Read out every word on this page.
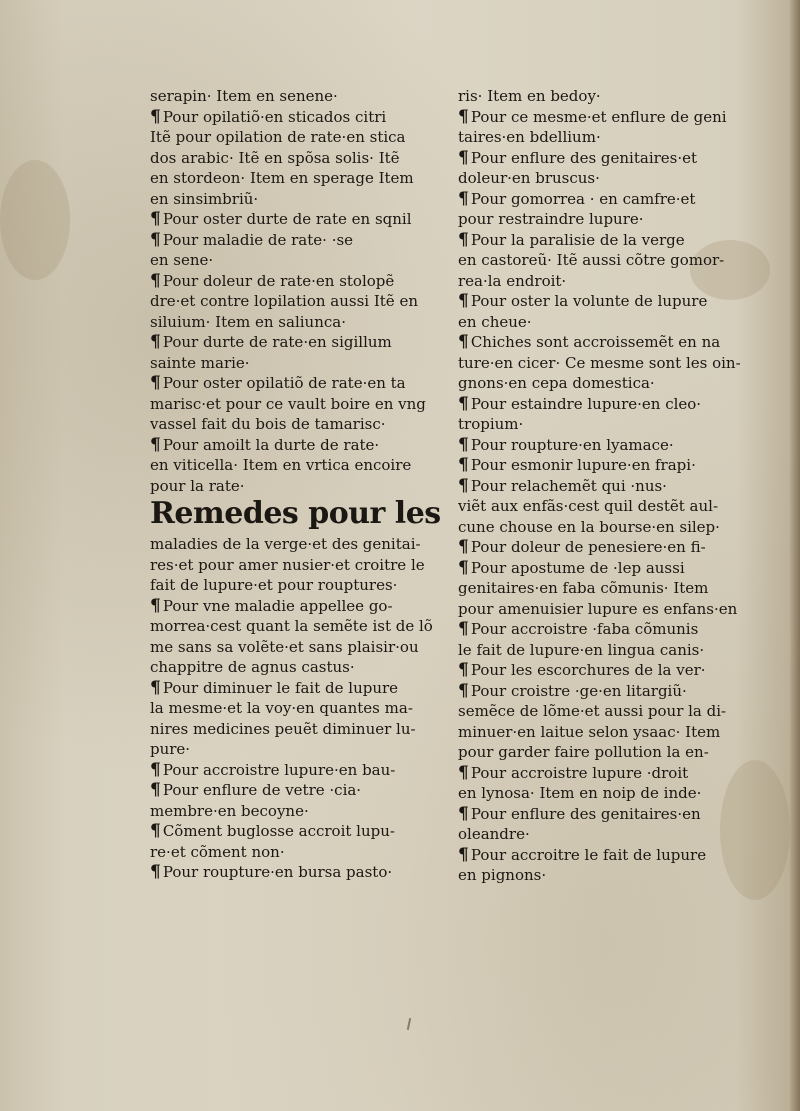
serapin· Item en senene·
¶ Pour opilatiõ·en sticados citri
Itẽ pour opilation de rate·en stica
dos arabic· Itẽ en spõsa solis· Itẽ
en stordeon· Item en sperage Item
en sinsimbriũ·
¶ Pour oster durte de rate en sqnil
¶ Pour maladie de rate· ·se
en sene·
¶ Pour doleur de rate·en stolopẽ
dre·et contre lopilation aussi Itẽ en
siluium· Item en saliunca·
¶ Pour durte de rate·en sigillum
sainte marie·
¶ Pour oster opilatiõ de rate·en ta
marisc·et pour ce vault boire en vng
vassel fait du bois de tamarisc·
¶ Pour amoilt la durte de rate·
en viticella· Item en vrtica encoire
pour la rate·
Remedes pour les
maladies de la verge·et des genitai-
res·et pour amer nusier·et croitre le
fait de lupure·et pour rouptures·
¶ Pour vne maladie appellee go-
morrea·cest quant la semẽte ist de lõ
me sans sa volẽte·et sans plaisir·ou
chappitre de agnus castus·
¶ Pour diminuer le fait de lupure
la mesme·et la voy·en quantes ma-
nires medicines peuẽt diminuer lu-
pure·
¶ Pour accroistre lupure·en bau-
¶ Pour enflure de vetre ·cia·
membre·en becoyne·
¶ Cõment buglosse accroit lupu-
re·et cõment non·
¶ Pour roupture·en bursa pasto·
ris· Item en bedoy·
¶ Pour ce mesme·et enflure de geni
taires·en bdellium·
¶ Pour enflure des genitaires·et
doleur·en bruscus·
¶ Pour gomorrea · en camfre·et
pour restraindre lupure·
¶ Pour la paralisie de la verge
en castoreũ· Itẽ aussi cõtre gomor-
rea·la endroit·
¶ Pour oster la volunte de lupure
en cheue·
¶ Chiches sont accroissemẽt en na
ture·en cicer· Ce mesme sont les oin-
gnons·en cepa domestica·
¶ Pour estaindre lupure·en cleo·
tropium·
¶ Pour roupture·en lyamace·
¶ Pour esmonir lupure·en frapi·
¶ Pour relachemẽt qui ·nus·
viẽt aux enfãs·cest quil destẽt aul-
cune chouse en la bourse·en silep·
¶ Pour doleur de penesiere·en fi-
¶ Pour apostume de ·lep aussi
genitaires·en faba cõmunis· Item
pour amenuisier lupure es enfans·en
¶ Pour accroistre ·faba cõmunis
le fait de lupure·en lingua canis·
¶ Pour les escorchures de la ver·
¶ Pour croistre ·ge·en litargiũ·
semẽce de lõme·et aussi pour la di-
minuer·en laitue selon ysaac· Item
pour garder faire pollution la en-
¶ Pour accroistre lupure ·droit
en lynosa· Item en noip de inde·
¶ Pour enflure des genitaires·en
oleandre·
¶ Pour accroitre le fait de lupure
en pignons·
